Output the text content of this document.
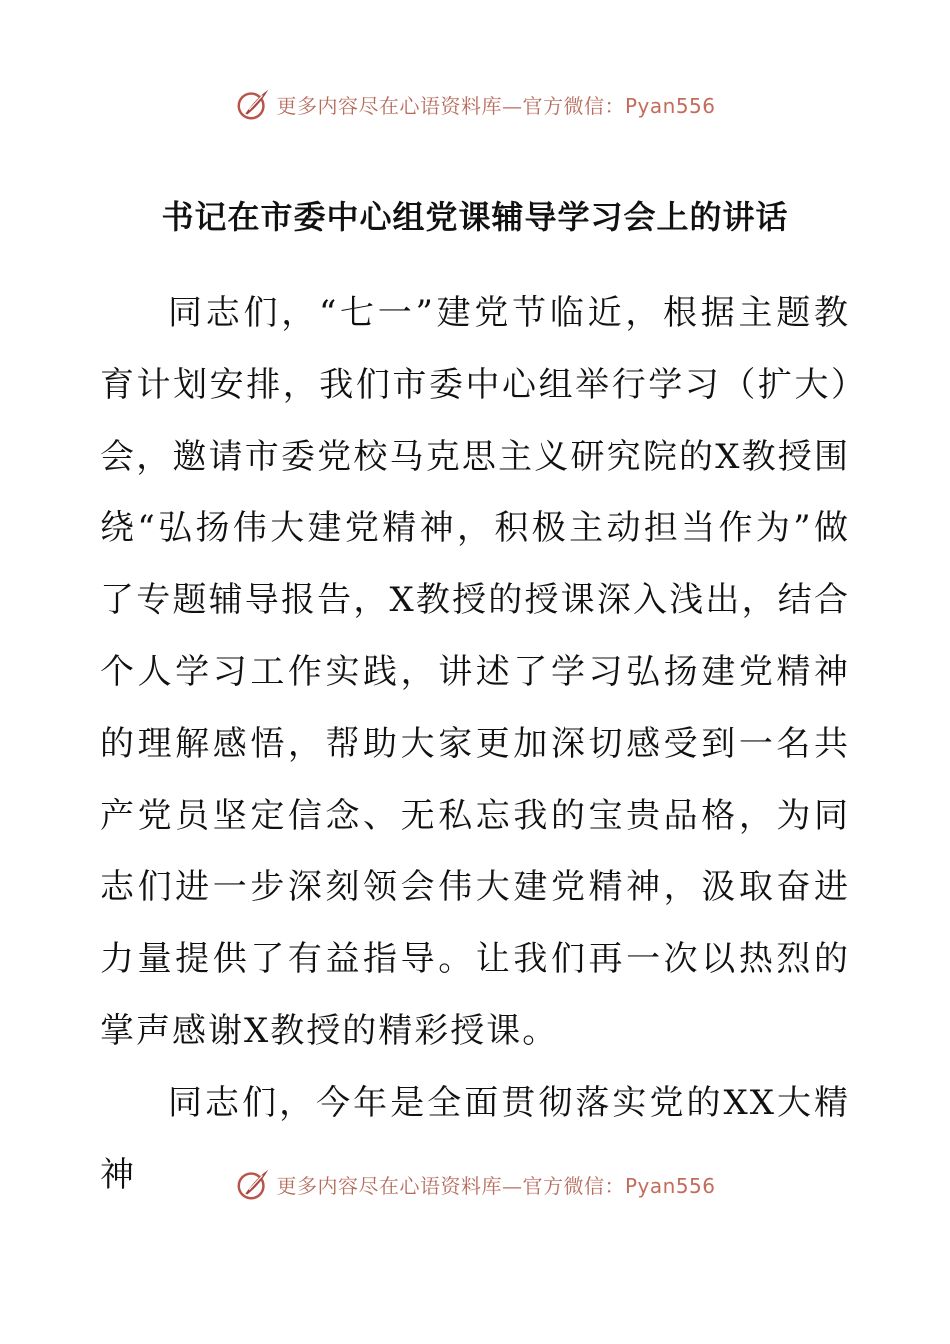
更多内容尽在心语资料库—官方微信：Pyan556
书记在市委中心组党课辅导学习会上的讲话

同志们，“七一”建党节临近，根据主题教育计划安排，我们市委中心组举行学习（扩大）会，邀请市委党校马克思主义研究院的X教授围绕“弘扬伟大建党精神，积极主动担当作为”做了专题辅导报告，X教授的授课深入浅出，结合个人学习工作实践，讲述了学习弘扬建党精神的理解感悟，帮助大家更加深切感受到一名共产党员坚定信念、无私忘我的宝贵品格，为同志们进一步深刻领会伟大建党精神，汲取奋进力量提供了有益指导。让我们再一次以热烈的掌声感谢X教授的精彩授课。

同志们，今年是全面贯彻落实党的XX大精神	更多内容尽在心语资料库—官方微信：Pyan556
